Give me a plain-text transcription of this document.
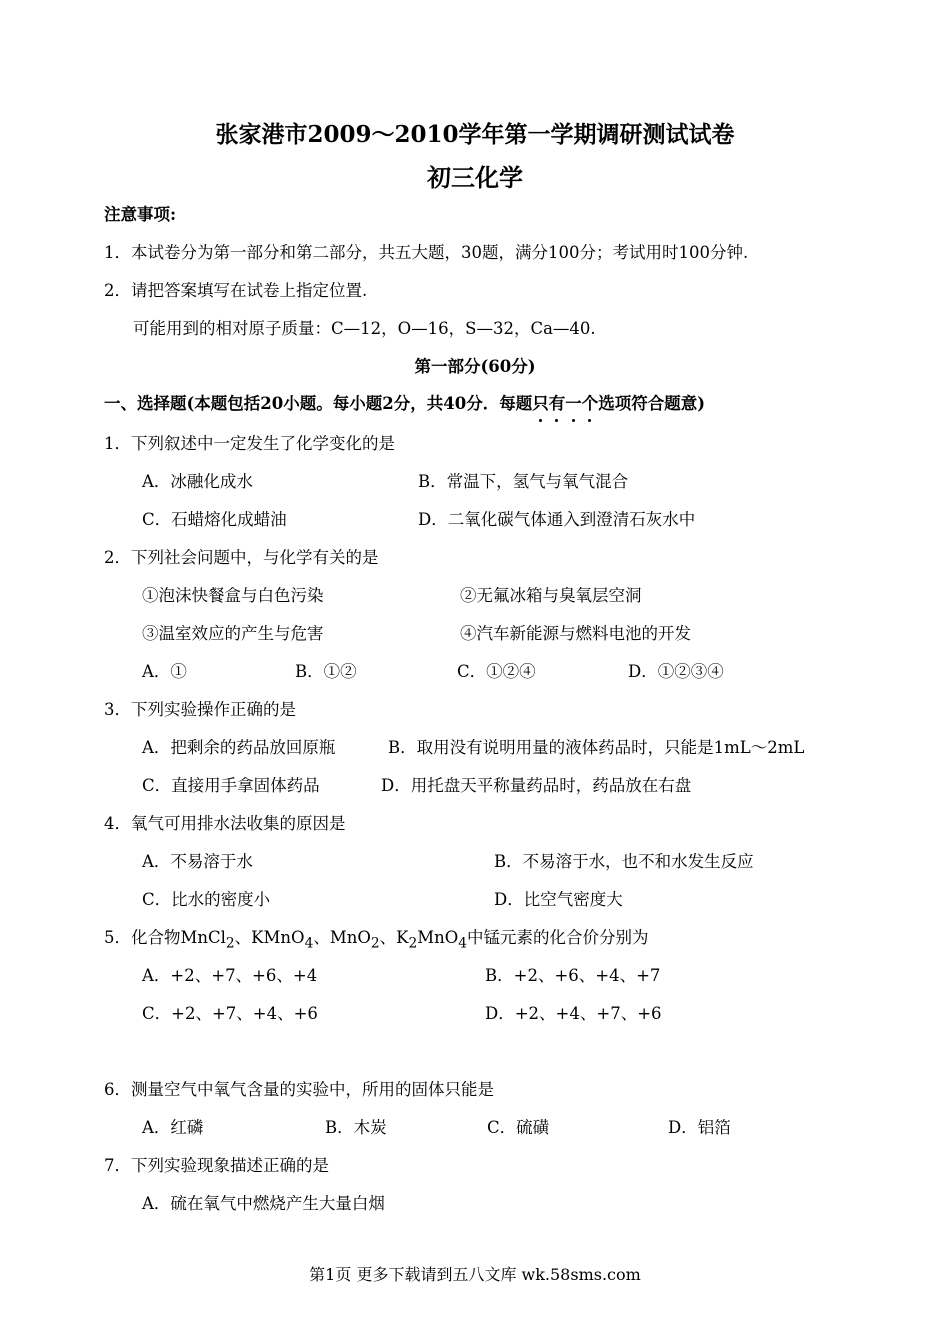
张家港市2009～2010学年第一学期调研测试试卷
初三化学
注意事项:
1．本试卷分为第一部分和第二部分，共五大题，30题，满分100分；考试用时100分钟.
2．请把答案填写在试卷上指定位置.
可能用到的相对原子质量：C—12，O—16，S—32，Ca—40.
第一部分(60分)
一、选择题(本题包括20小题。每小题2分，共40分．每题只有一个选项符合题意)
1．下列叙述中一定发生了化学变化的是
A．冰融化成水	B．常温下，氢气与氧气混合
C．石蜡熔化成蜡油	D．二氧化碳气体通入到澄清石灰水中
2．下列社会问题中，与化学有关的是
①泡沫快餐盒与白色污染	②无氟冰箱与臭氧层空洞
③温室效应的产生与危害	④汽车新能源与燃料电池的开发
A．①	B．①②	C．①②④	D．①②③④
3．下列实验操作正确的是
A．把剩余的药品放回原瓶	B．取用没有说明用量的液体药品时，只能是1mL～2mL
C．直接用手拿固体药品	D．用托盘天平称量药品时，药品放在右盘
4．氧气可用排水法收集的原因是
A．不易溶于水	B．不易溶于水，也不和水发生反应
C．比水的密度小	D．比空气密度大
5．化合物MnCl$_2$、KMnO$_4$、MnO$_2$、$K_2MnO_4$中锰元素的化合价分别为
A．+2、+7、+6、+4	B．+2、+6、+4、+7
C．+2、+7、+4、+6	D．+2、+4、+7、+6
6．测量空气中氧气含量的实验中，所用的固体只能是
A．红磷	B．木炭	C．硫磺	D．铝箔
7．下列实验现象描述正确的是
A．硫在氧气中燃烧产生大量白烟
第1页 更多下载请到五八文库 wk.58sms.com
